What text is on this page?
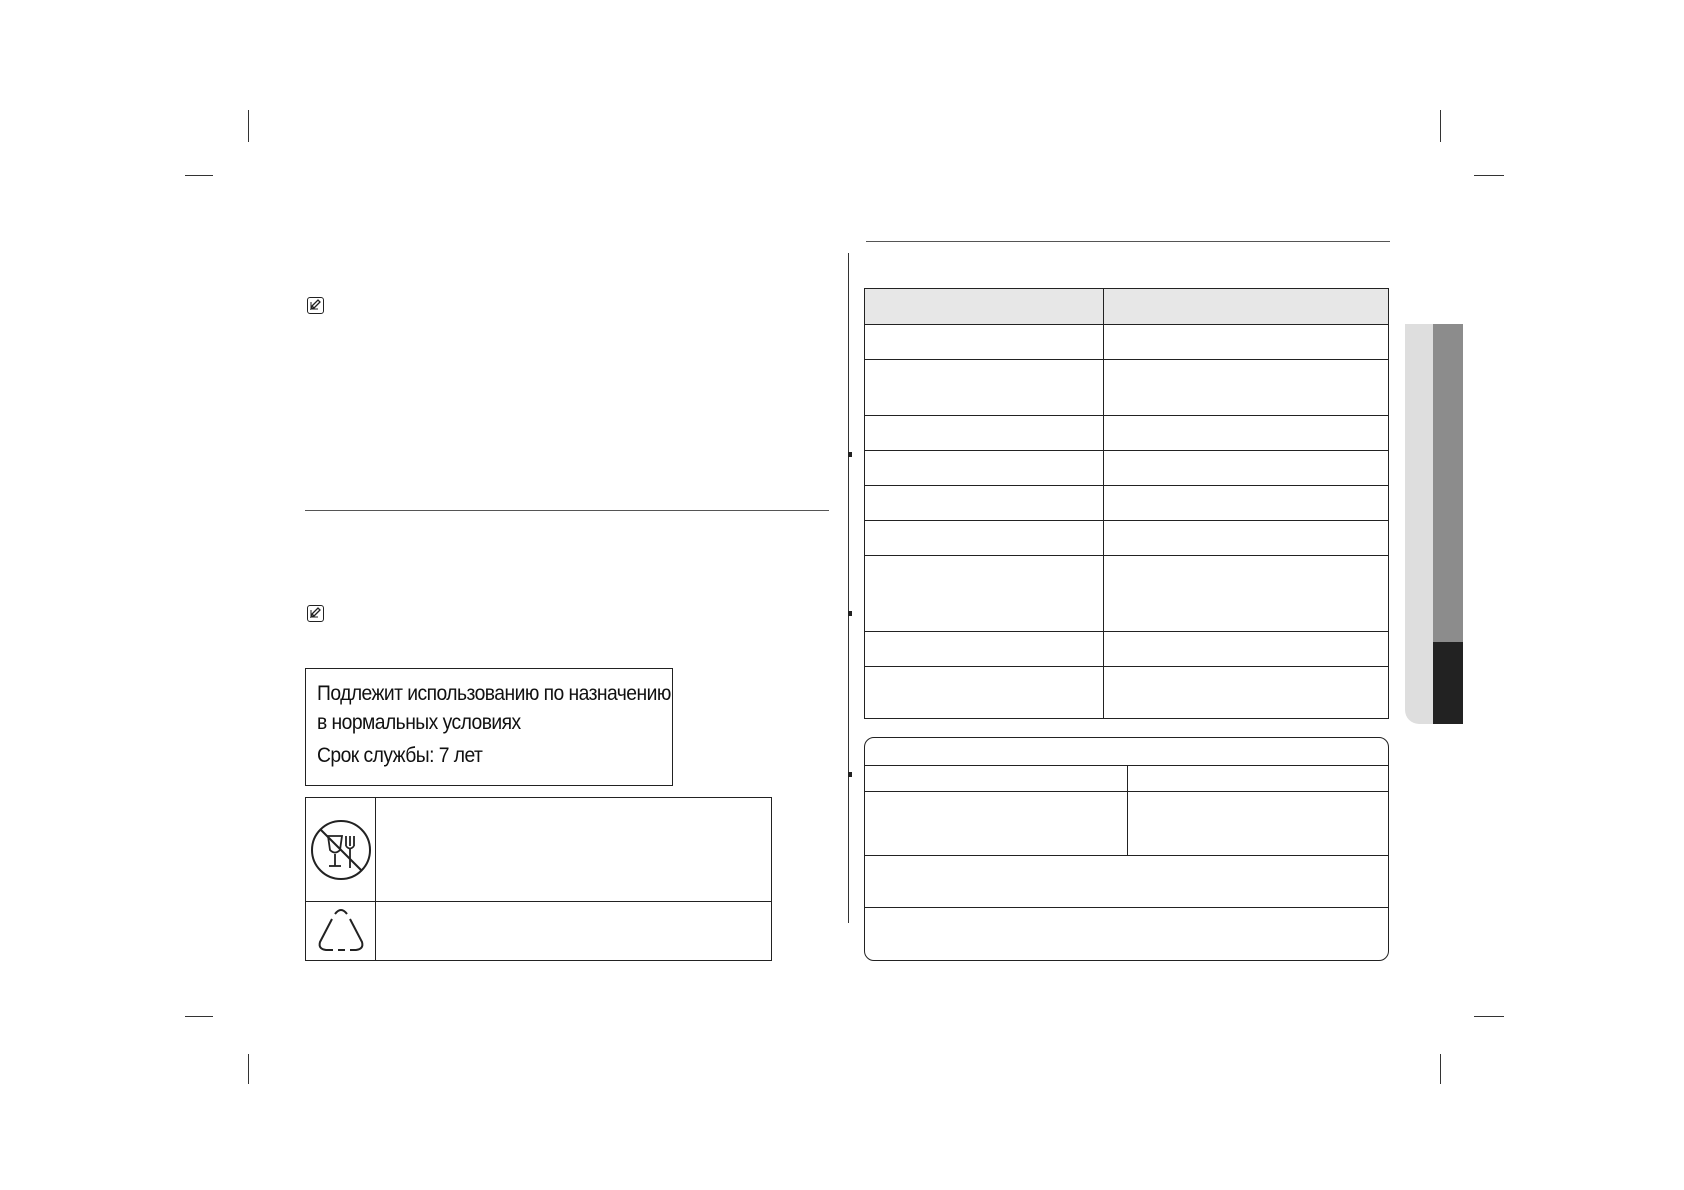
Подлежит использованию по назначению
в нормальных условиях
Срок службы: 7 лет
